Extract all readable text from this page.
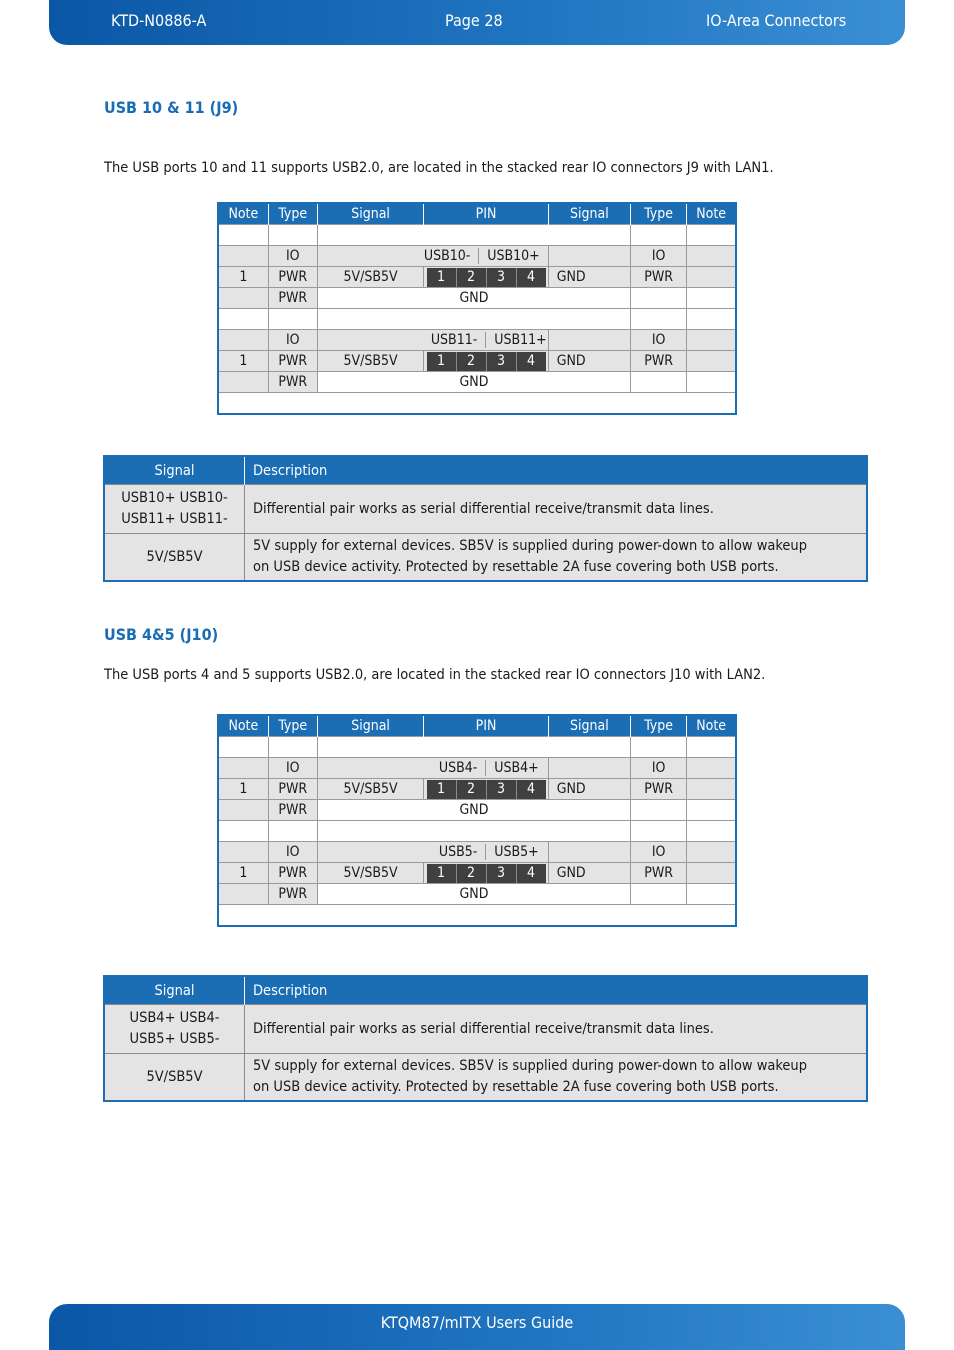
KTD-N0886-A	Page 28	IO-Area Connectors
USB 10 & 11 (J9)

The USB ports 10 and 11 supports USB2.0, are located in the stacked rear IO connectors J9 with LAN1.

Note	Type	Signal	PIN	Signal	Type	Note

	IO		USB10- USB10+		IO	
1	PWR	5V/SB5V	1 2 3 4	GND	PWR	
	PWR	GND				

	IO		USB11- USB11+		IO	
1	PWR	5V/SB5V	1 2 3 4	GND	PWR	
	PWR	GND				

Signal	Description

USB10+ USB10-
USB11+ USB11-	Differential pair works as serial differential receive/transmit data lines.
5V/SB5V	5V supply for external devices. SB5V is supplied during power-down to allow wakeup
on USB device activity. Protected by resettable 2A fuse covering both USB ports.
USB 4&5 (J10)

The USB ports 4 and 5 supports USB2.0, are located in the stacked rear IO connectors J10 with LAN2.

Note	Type	Signal	PIN	Signal	Type	Note

	IO		USB4- USB4+		IO	
1	PWR	5V/SB5V	1 2 3 4	GND	PWR	
	PWR	GND				

	IO		USB5- USB5+		IO	
1	PWR	5V/SB5V	1 2 3 4	GND	PWR	
	PWR	GND				

Signal	Description

USB4+ USB4-
USB5+ USB5-	Differential pair works as serial differential receive/transmit data lines.
5V/SB5V	5V supply for external devices. SB5V is supplied during power-down to allow wakeup
on USB device activity. Protected by resettable 2A fuse covering both USB ports.
KTQM87/mITX Users Guide
